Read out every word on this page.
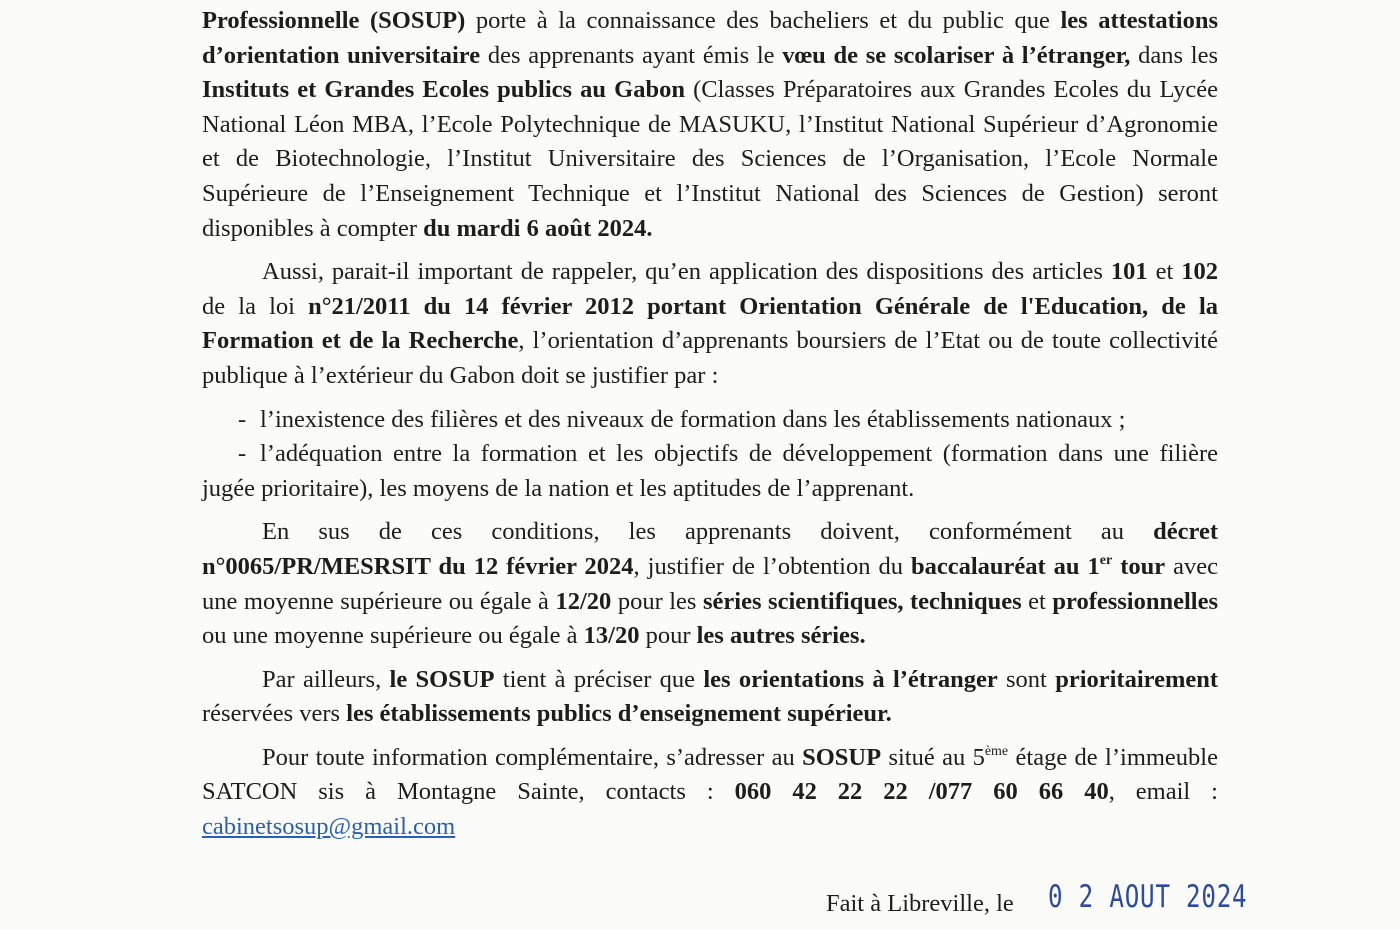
Professionnelle (SOSUP) porte à la connaissance des bacheliers et du public que les attestations d’orientation universitaire des apprenants ayant émis le vœu de se scolariser à l’étranger, dans les Instituts et Grandes Ecoles publics au Gabon (Classes Préparatoires aux Grandes Ecoles du Lycée National Léon MBA, l’Ecole Polytechnique de MASUKU, l’Institut National Supérieur d’Agronomie et de Biotechnologie, l’Institut Universitaire des Sciences de l’Organisation, l’Ecole Normale Supérieure de l’Enseignement Technique et l’Institut National des Sciences de Gestion) seront disponibles à compter du mardi 6 août 2024.

Aussi, parait-il important de rappeler, qu’en application des dispositions des articles 101 et 102 de la loi n°21/2011 du 14 février 2012 portant Orientation Générale de l'Education, de la Formation et de la Recherche, l’orientation d’apprenants boursiers de l’Etat ou de toute collectivité publique à l’extérieur du Gabon doit se justifier par :

- l’inexistence des filières et des niveaux de formation dans les établissements nationaux ;
- l’adéquation entre la formation et les objectifs de développement (formation dans une filière jugée prioritaire), les moyens de la nation et les aptitudes de l’apprenant.

En sus de ces conditions, les apprenants doivent, conformément au décret n°0065/PR/MESRSIT du 12 février 2024, justifier de l’obtention du baccalauréat au 1er tour avec une moyenne supérieure ou égale à 12/20 pour les séries scientifiques, techniques et professionnelles ou une moyenne supérieure ou égale à 13/20 pour les autres séries.

Par ailleurs, le SOSUP tient à préciser que les orientations à l’étranger sont prioritairement réservées vers les établissements publics d’enseignement supérieur.

Pour toute information complémentaire, s’adresser au SOSUP situé au 5ème étage de l’immeuble SATCON sis à Montagne Sainte, contacts : 060 42 22 22 /077 60 66 40, email : cabinetsosup@gmail.com

Fait à Libreville, le 0 2 AOUT 2024
